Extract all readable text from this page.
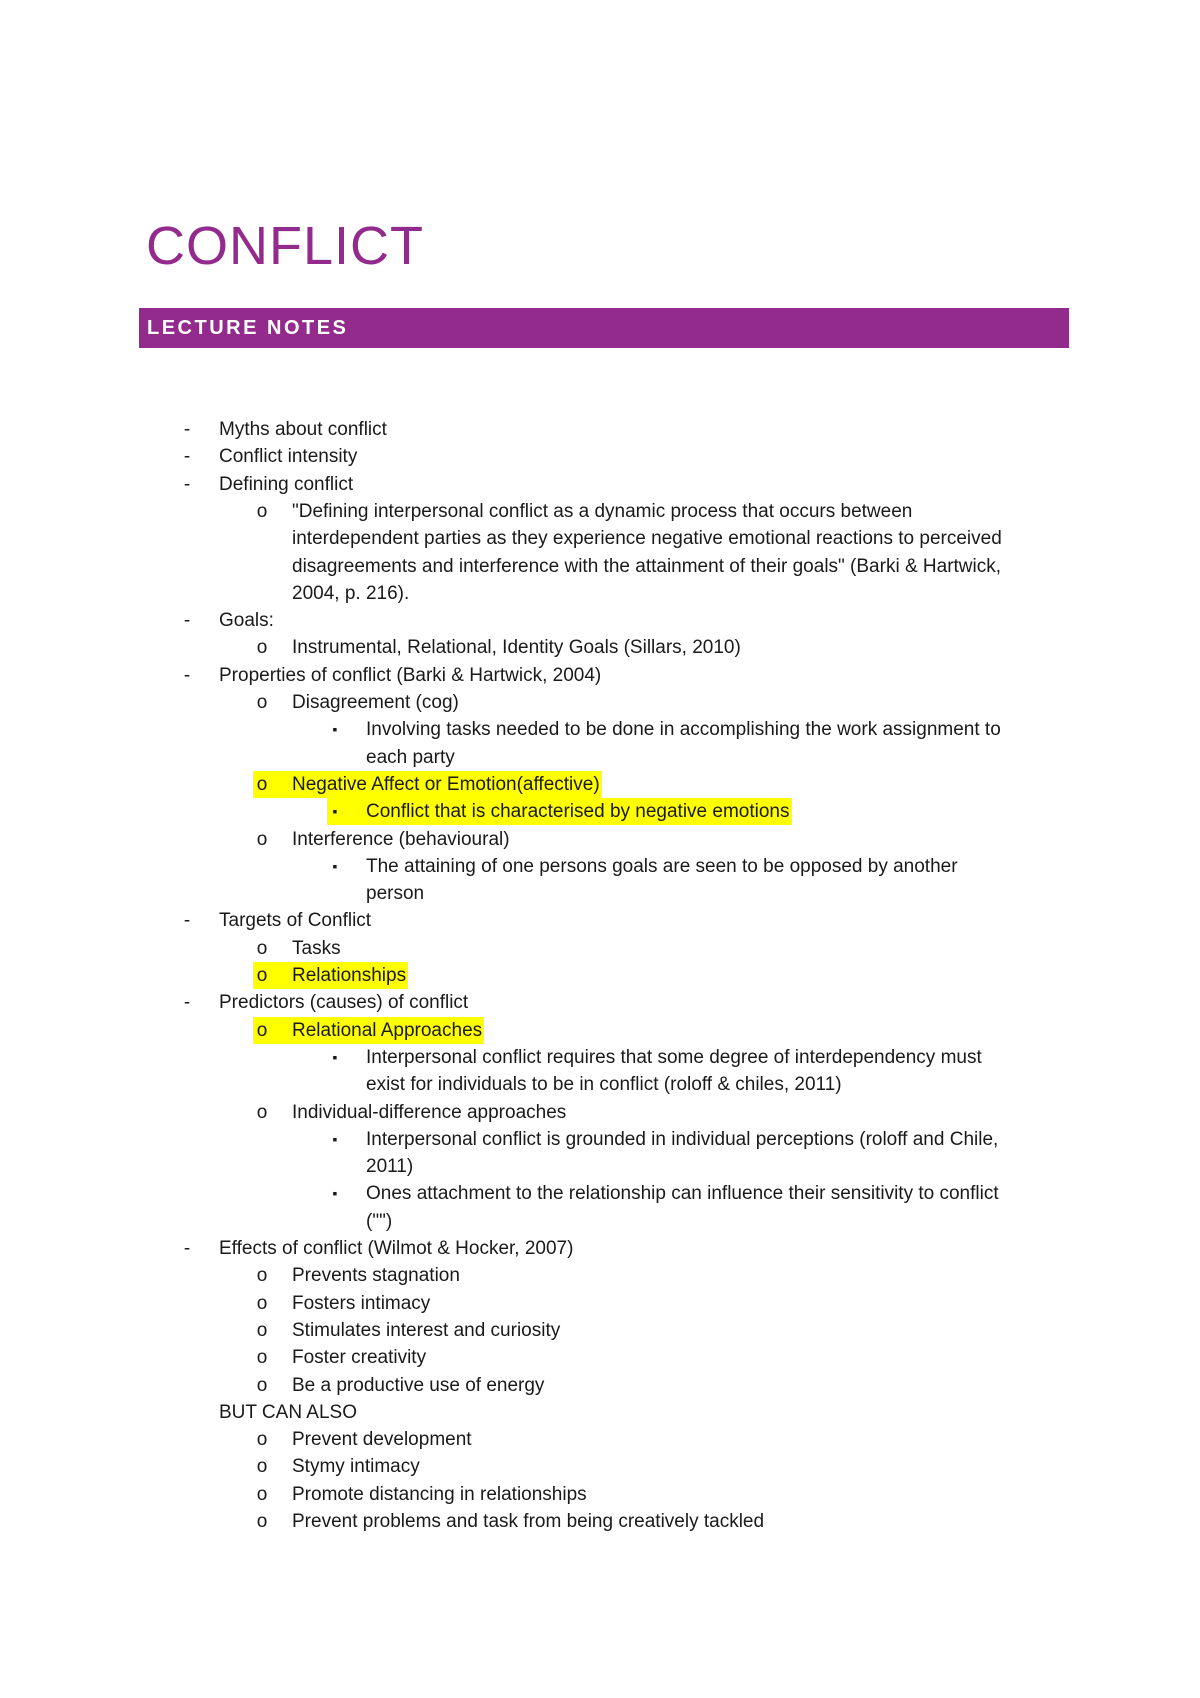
CONFLICT
LECTURE NOTES
- Myths about conflict
- Conflict intensity
- Defining conflict
o "Defining interpersonal conflict as a dynamic process that occurs between
interdependent parties as they experience negative emotional reactions to perceived
disagreements and interference with the attainment of their goals" (Barki & Hartwick,
2004, p. 216).
- Goals:
o Instrumental, Relational, Identity Goals (Sillars, 2010)
- Properties of conflict (Barki & Hartwick, 2004)
o Disagreement (cog)
▪ Involving tasks needed to be done in accomplishing the work assignment to
each party
o Negative Affect or Emotion(affective)
▪ Conflict that is characterised by negative emotions
o Interference (behavioural)
▪ The attaining of one persons goals are seen to be opposed by another
person
- Targets of Conflict
o Tasks
o Relationships
- Predictors (causes) of conflict
o Relational Approaches
▪ Interpersonal conflict requires that some degree of interdependency must
exist for individuals to be in conflict (roloff & chiles, 2011)
o Individual-difference approaches
▪ Interpersonal conflict is grounded in individual perceptions (roloff and Chile,
2011)
▪ Ones attachment to the relationship can influence their sensitivity to conflict
("")
- Effects of conflict (Wilmot & Hocker, 2007)
o Prevents stagnation
o Fosters intimacy
o Stimulates interest and curiosity
o Foster creativity
o Be a productive use of energy
BUT CAN ALSO
o Prevent development
o Stymy intimacy
o Promote distancing in relationships
o Prevent problems and task from being creatively tackled
